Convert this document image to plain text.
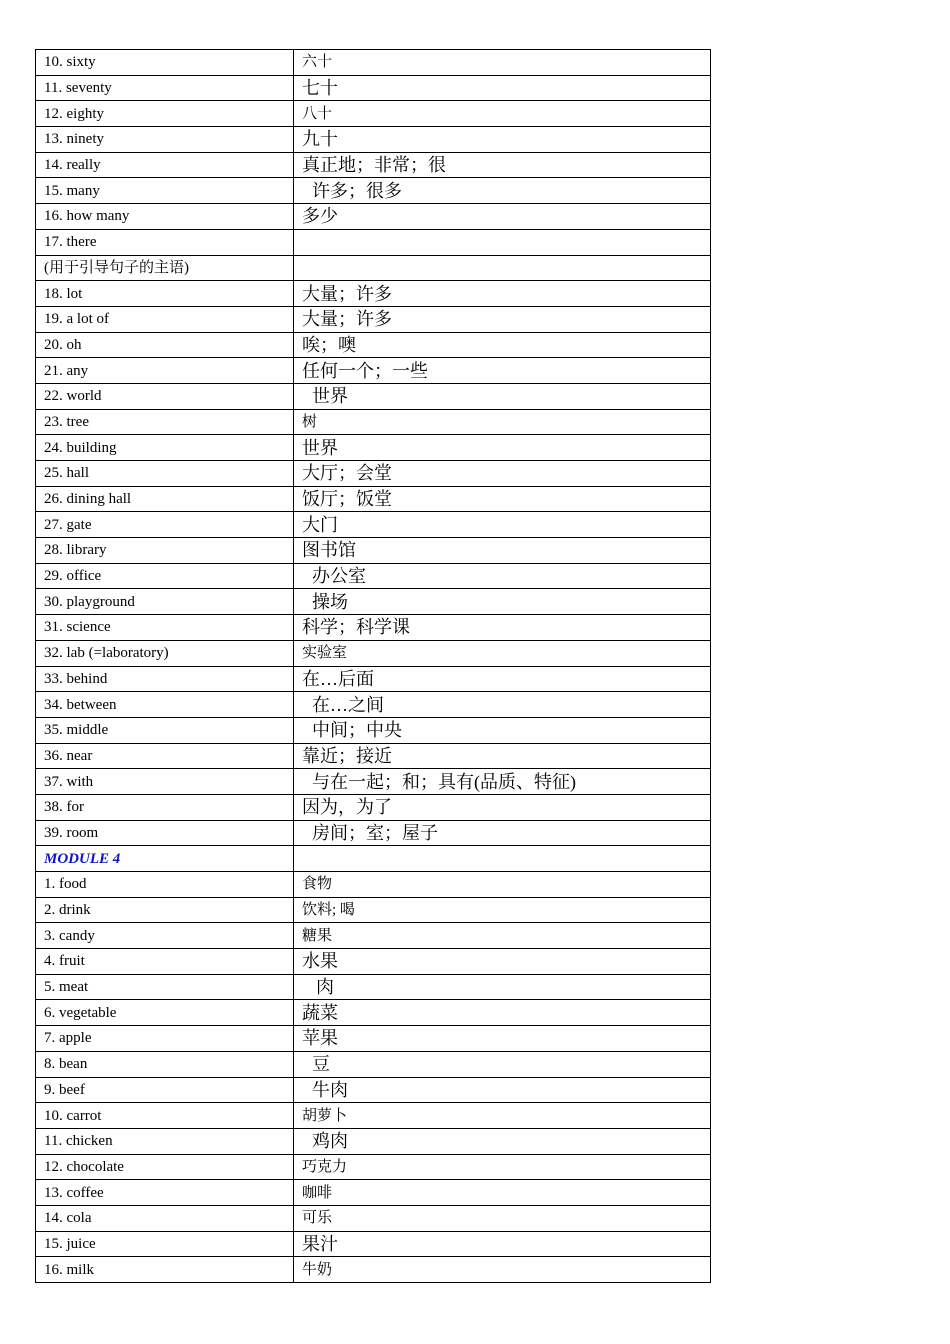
10. sixty	六十
11. seventy	七十
12. eighty	八十
13. ninety	九十
14. really	真正地；非常；很
15. many	许多；很多
16. how many	多少
17. there	
(用于引导句子的主语)	
18. lot	大量；许多
19. a lot of	大量；许多
20. oh	唉；噢
21. any	任何一个；一些
22. world	世界
23. tree	树
24. building	世界
25. hall	大厅；会堂
26. dining hall	饭厅；饭堂
27. gate	大门
28. library	图书馆
29. office	办公室
30. playground	操场
31. science	科学；科学课
32. lab (=laboratory)	实验室
33. behind	在…后面
34. between	在…之间
35. middle	中间；中央
36. near	靠近；接近
37. with	与在一起；和；具有(品质、特征)
38. for	因为，为了
39. room	房间；室；屋子
MODULE 4	
1. food	食物
2. drink	饮料; 喝
3. candy	糖果
4. fruit	水果
5. meat	肉
6. vegetable	蔬菜
7. apple	苹果
8. bean	豆
9. beef	牛肉
10. carrot	胡萝卜
11. chicken	鸡肉
12. chocolate	巧克力
13. coffee	咖啡
14. cola	可乐
15. juice	果汁
16. milk	牛奶
